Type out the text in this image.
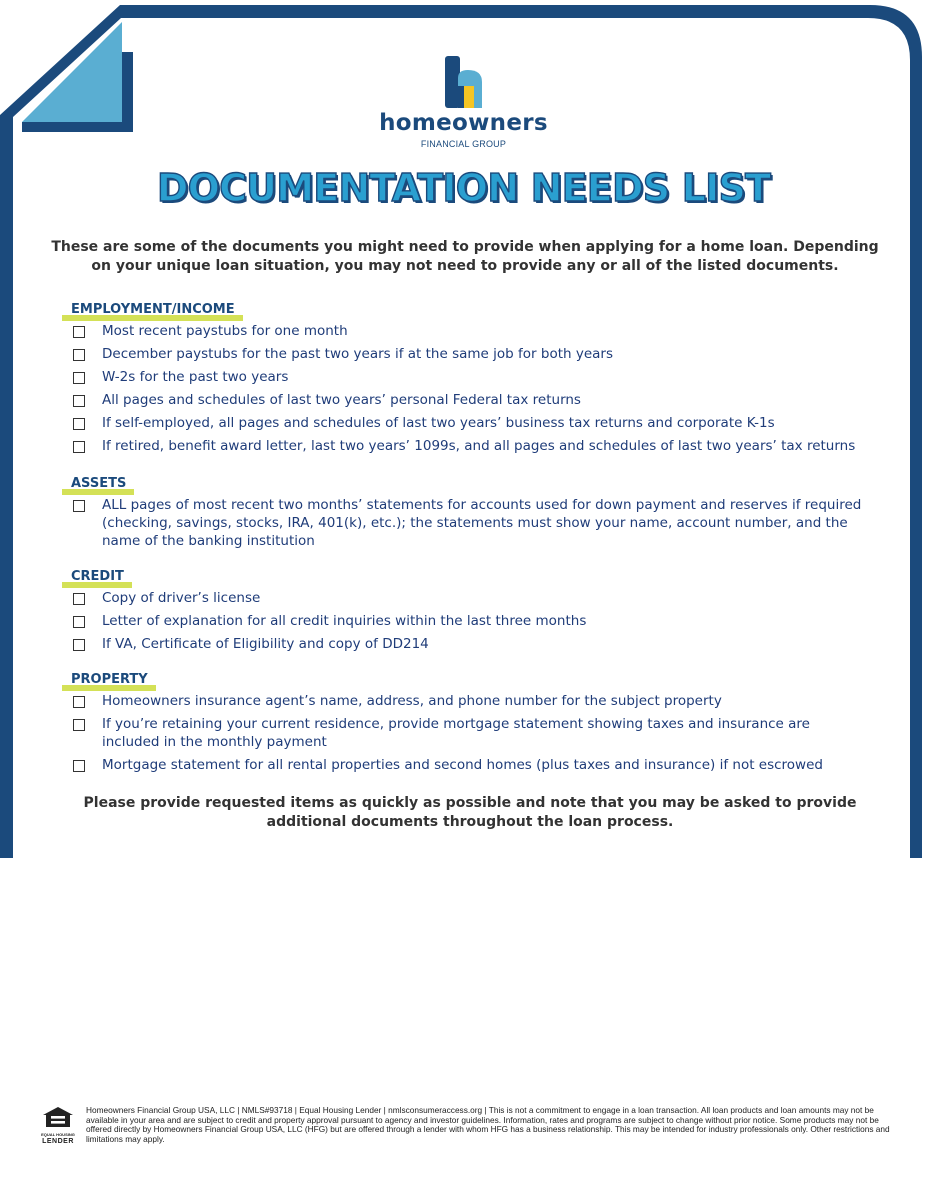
homeowners
FINANCIAL GROUP
DOCUMENTATION NEEDS LIST

These are some of the documents you might need to provide when applying for a home loan. Depending on your unique loan situation, you may not need to provide any or all of the listed documents.

EMPLOYMENT/INCOME
Most recent paystubs for one month
December paystubs for the past two years if at the same job for both years
W-2s for the past two years
All pages and schedules of last two years’ personal Federal tax returns
If self-employed, all pages and schedules of last two years’ business tax returns and corporate K-1s
If retired, benefit award letter, last two years’ 1099s, and all pages and schedules of last two years’ tax returns
ASSETS
ALL pages of most recent two months’ statements for accounts used for down payment and reserves if required (checking, savings, stocks, IRA, 401(k), etc.); the statements must show your name, account number, and the name of the banking institution
CREDIT
Copy of driver’s license
Letter of explanation for all credit inquiries within the last three months
If VA, Certificate of Eligibility and copy of DD214
PROPERTY
Homeowners insurance agent’s name, address, and phone number for the subject property
If you’re retaining your current residence, provide mortgage statement showing taxes and insurance are included in the monthly payment
Mortgage statement for all rental properties and second homes (plus taxes and insurance) if not escrowed

Please provide requested items as quickly as possible and note that you may be asked to provide additional documents throughout the loan process.

EQUAL HOUSING
LENDER

Homeowners Financial Group USA, LLC | NMLS#93718 | Equal Housing Lender | nmlsconsumeraccess.org | This is not a commitment to engage in a loan transaction. All loan products and loan amounts may not be available in your area and are subject to credit and property approval pursuant to agency and investor guidelines. Information, rates and programs are subject to change without prior notice. Some products may not be offered directly by Homeowners Financial Group USA, LLC (HFG) but are offered through a lender with whom HFG has a business relationship. This may be intended for industry professionals only. Other restrictions and limitations may apply.
